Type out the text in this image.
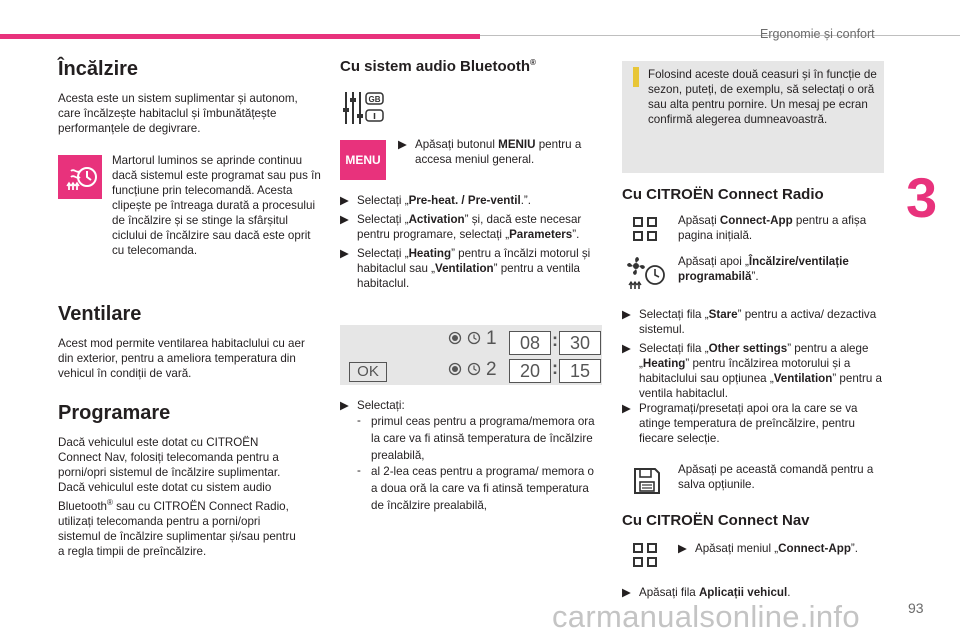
Ergonomie și confort
3
Încălzire
Acesta este un sistem suplimentar și autonom, care încălzește habitaclul și îmbunătățește performanțele de degivrare.
Martorul luminos se aprinde continuu dacă sistemul este programat sau pus în funcțiune prin telecomandă. Acesta clipește pe întreaga durată a procesului de încălzire și se stinge la sfârșitul ciclului de încălzire sau dacă este oprit cu telecomanda.
Ventilare
Acest mod permite ventilarea habitaclului cu aer din exterior, pentru a ameliora temperatura din vehicul în condiții de vară.
Programare
Dacă vehiculul este dotat cu CITROËN
Connect Nav, folosiți telecomanda pentru a
porni/opri sistemul de încălzire suplimentar.
Dacă vehiculul este dotat cu sistem audio
Bluetooth® sau cu CITROËN Connect Radio,
utilizați telecomanda pentru a porni/opri
sistemul de încălzire suplimentar și/sau pentru
a regla timpii de preîncălzire.
Cu sistem audio Bluetooth®
GB
MENU
▶ Apăsați butonul MENIU pentru a accesa meniul general.
▶ Selectați „Pre-heat. / Pre-ventil.”.
▶ Selectați „Activation” și, dacă este necesar pentru programare, selectați „Parameters”.
▶ Selectați „Heating” pentru a încălzi motorul și habitaclul sau „Ventilation” pentru a ventila habitaclul.
1	08 : 30
OK	2	20 : 15
▶ Selectați:
- primul ceas pentru a programa/memora ora la care va fi atinsă temperatura de încălzire prealabilă,
- al 2-lea ceas pentru a programa/ memora o a doua oră la care va fi atinsă temperatura de încălzire prealabilă,
Folosind aceste două ceasuri și în funcție de sezon, puteți, de exemplu, să selectați o oră sau alta pentru pornire. Un mesaj pe ecran confirmă alegerea dumneavoastră.
Cu CITROËN Connect Radio
Apăsați Connect-App pentru a afișa pagina inițială.
Apăsați apoi „Încălzire/ventilație programabilă”.
▶ Selectați fila „Stare” pentru a activa/ dezactiva sistemul.
▶ Selectați fila „Other settings” pentru a alege „Heating” pentru încălzirea motorului și a habitaclului sau opțiunea „Ventilation” pentru a ventila habitaclul.
▶ Programați/presetați apoi ora la care se va atinge temperatura de preîncălzire, pentru fiecare selecție.
Apăsați pe această comandă pentru a salva opțiunile.
Cu CITROËN Connect Nav
▶ Apăsați meniul „Connect-App”.
▶ Apăsați fila Aplicații vehicul.
carmanualsonline.info	93
